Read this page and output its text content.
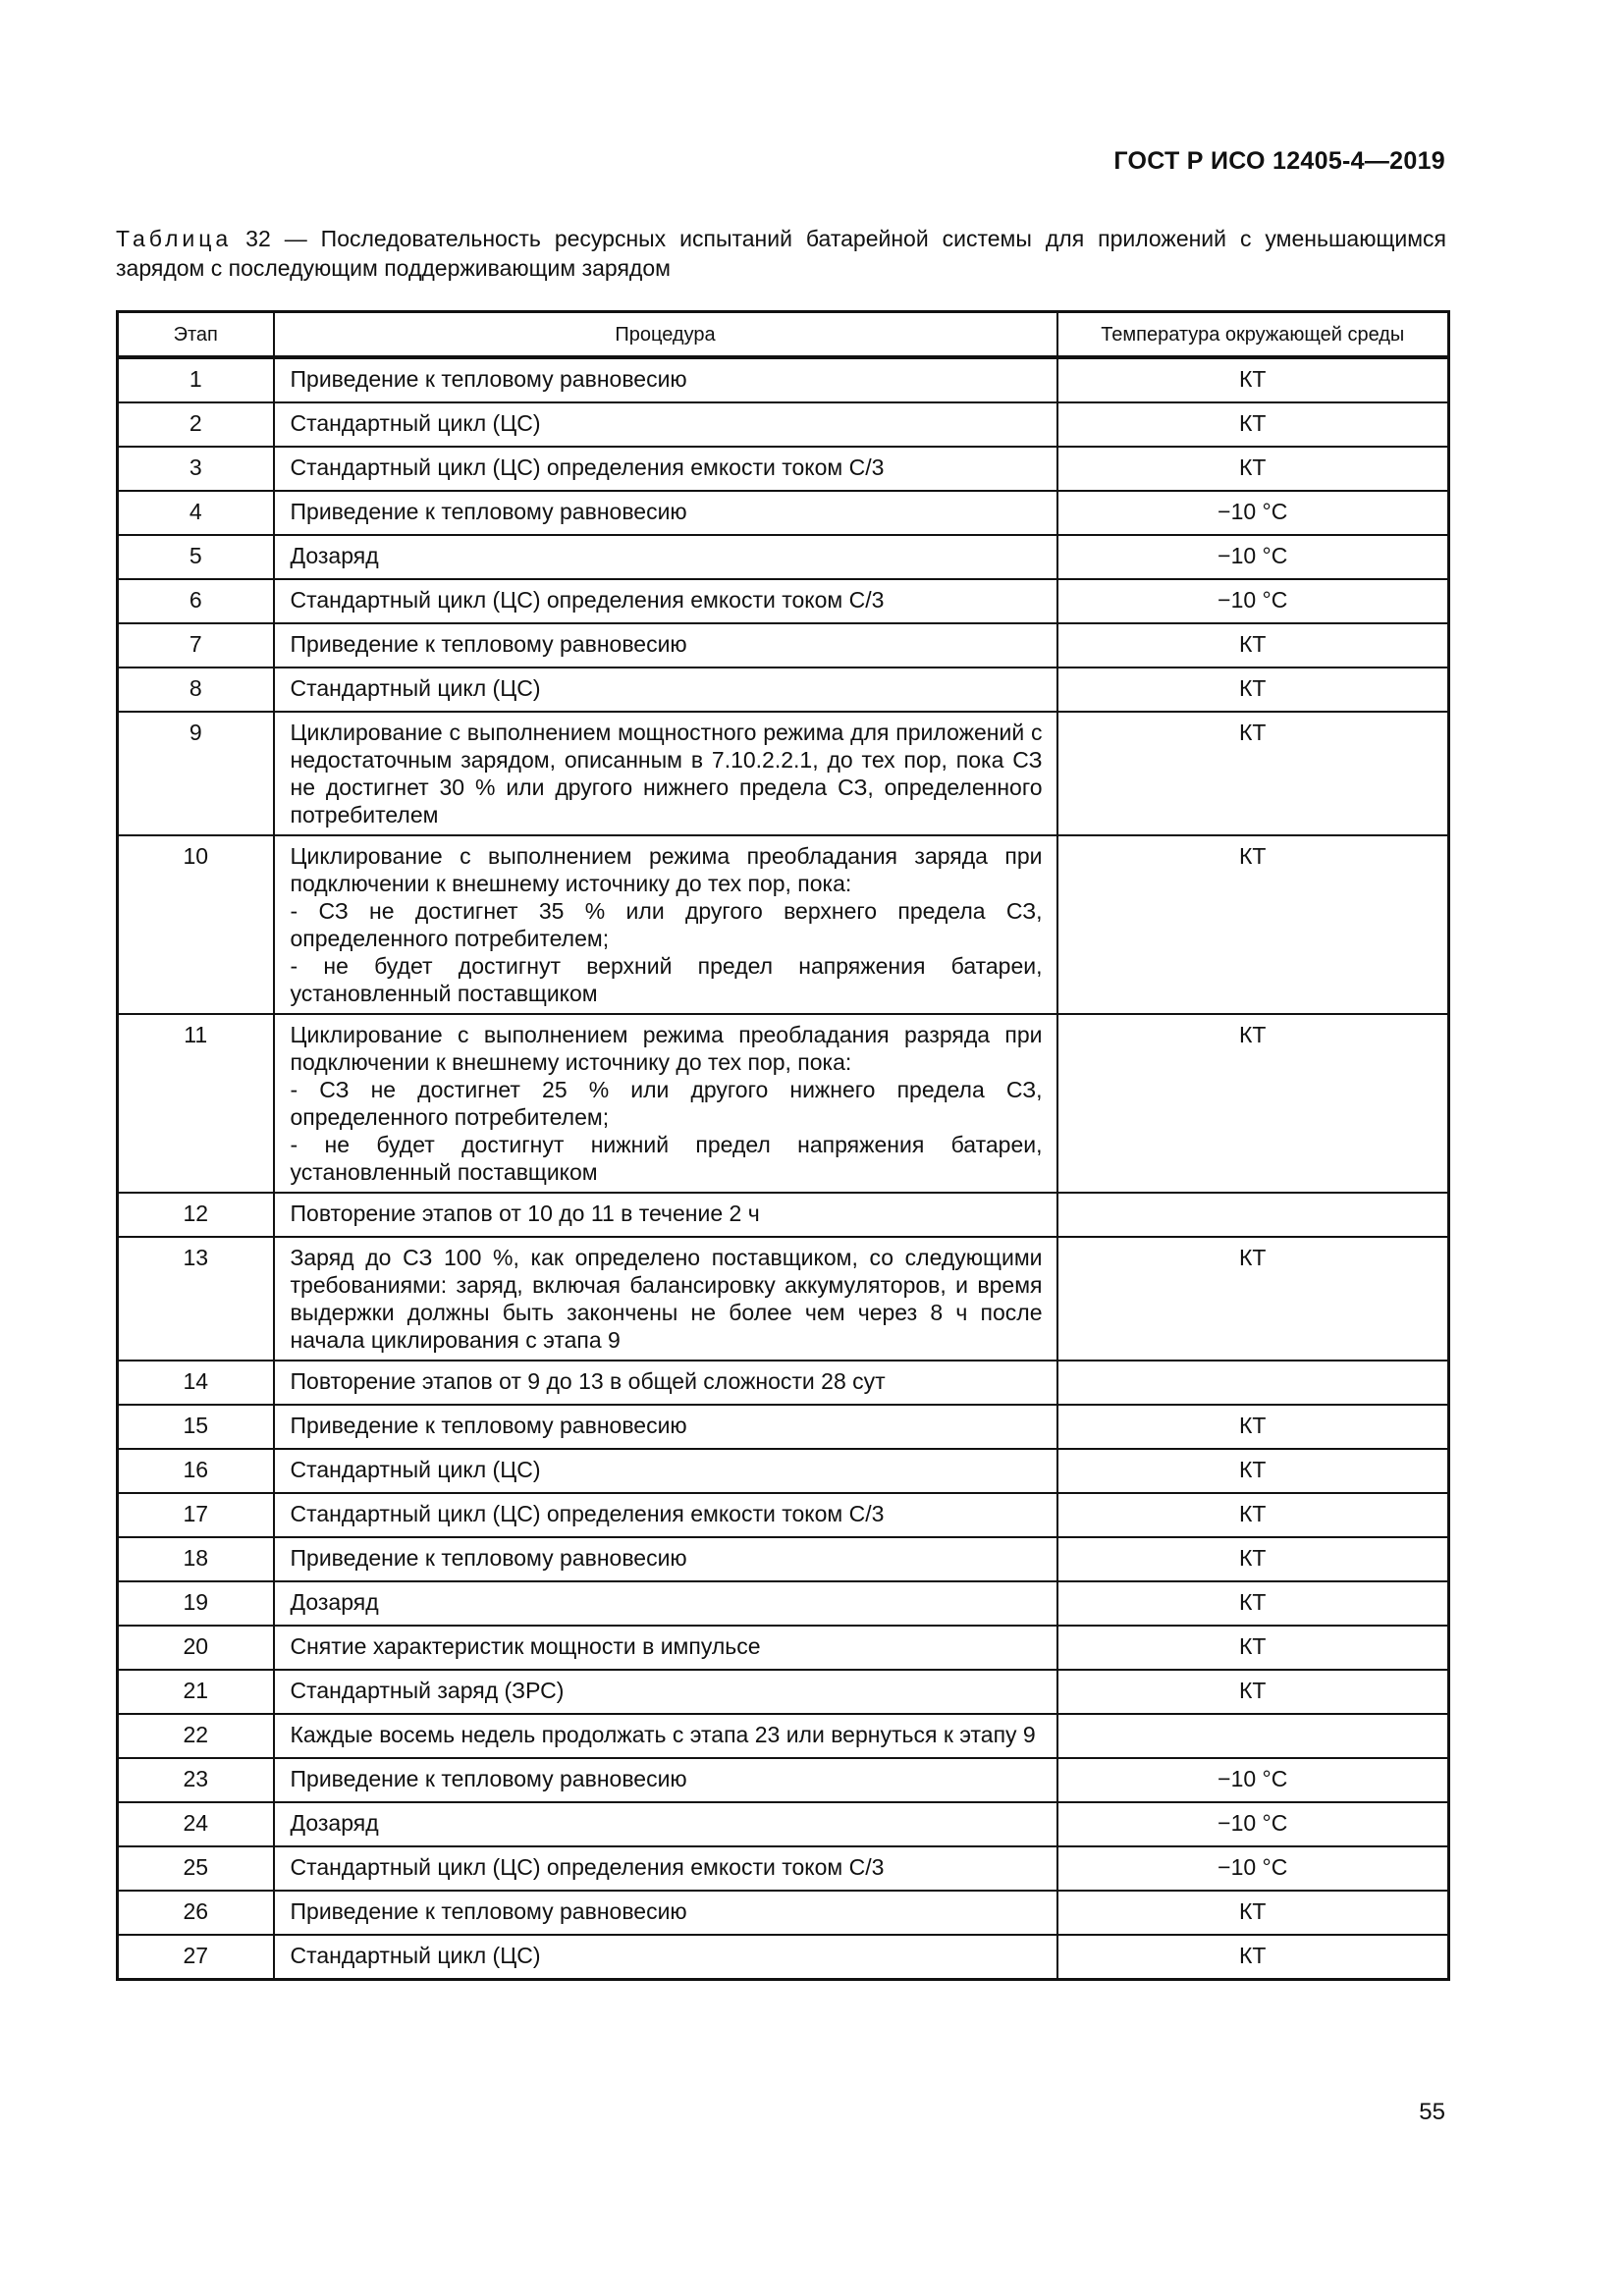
ГОСТ Р ИСО 12405-4—2019
Таблица 32 — Последовательность ресурсных испытаний батарейной системы для приложений с уменьшающимся зарядом с последующим поддерживающим зарядом
Этап	Процедура	Температура окружающей среды
1	Приведение к тепловому равновесию	КТ
2	Стандартный цикл (ЦС)	КТ
3	Стандартный цикл (ЦС) определения емкости током C/3	КТ
4	Приведение к тепловому равновесию	−10 °C
5	Дозаряд	−10 °C
6	Стандартный цикл (ЦС) определения емкости током C/3	−10 °C
7	Приведение к тепловому равновесию	КТ
8	Стандартный цикл (ЦС)	КТ
9	Циклирование с выполнением мощностного режима для приложений с недостаточным зарядом, описанным в 7.10.2.2.1, до тех пор, пока СЗ не достигнет 30 % или другого нижнего предела СЗ, определенного потребителем	КТ
10	Циклирование с выполнением режима преобладания заряда при подключении к внешнему источнику до тех пор, пока:
- СЗ не достигнет 35 % или другого верхнего предела СЗ, определенного потребителем;
- не будет достигнут верхний предел напряжения батареи, установленный поставщиком	КТ
11	Циклирование с выполнением режима преобладания разряда при подключении к внешнему источнику до тех пор, пока:
- СЗ не достигнет 25 % или другого нижнего предела СЗ, определенного потребителем;
- не будет достигнут нижний предел напряжения батареи, установленный поставщиком	КТ
12	Повторение этапов от 10 до 11 в течение 2 ч	

13	Заряд до СЗ 100 %, как определено поставщиком, со следующими требованиями: заряд, включая балансировку аккумуляторов, и время выдержки должны быть закончены не более чем через 8 ч после начала циклирования с этапа 9	КТ
14	Повторение этапов от 9 до 13 в общей сложности 28 сут	

15	Приведение к тепловому равновесию	КТ
16	Стандартный цикл (ЦС)	КТ
17	Стандартный цикл (ЦС) определения емкости током C/3	КТ
18	Приведение к тепловому равновесию	КТ
19	Дозаряд	КТ
20	Снятие характеристик мощности в импульсе	КТ
21	Стандартный заряд (ЗРС)	КТ
22	Каждые восемь недель продолжать с этапа 23 или вернуться к этапу 9	

23	Приведение к тепловому равновесию	−10 °C
24	Дозаряд	−10 °C
25	Стандартный цикл (ЦС) определения емкости током C/3	−10 °C
26	Приведение к тепловому равновесию	КТ
27	Стандартный цикл (ЦС)	КТ
55
